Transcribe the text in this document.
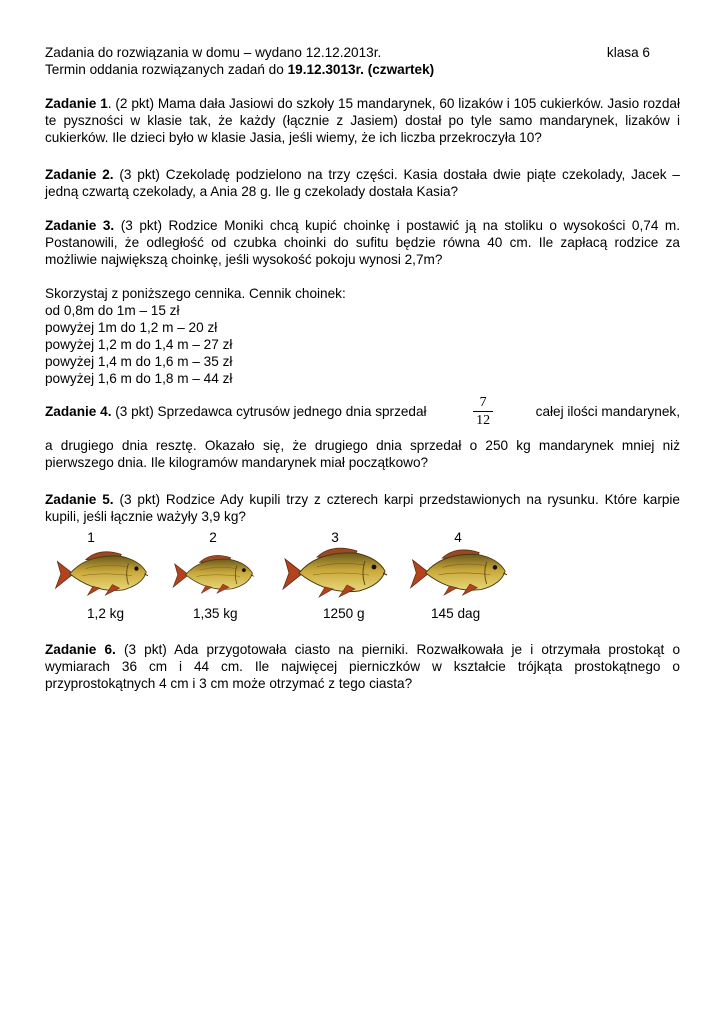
Zadania do rozwiązania w domu – wydano 12.12.2013r.	klasa 6

Termin oddania rozwiązanych zadań do 19.12.3013r. (czwartek)

Zadanie 1. (2 pkt) Mama dała Jasiowi do szkoły 15 mandarynek, 60 lizaków i 105 cukierków. Jasio rozdał te pyszności w klasie tak, że każdy (łącznie z Jasiem) dostał po tyle samo mandarynek, lizaków i cukierków. Ile dzieci było w klasie Jasia, jeśli wiemy, że ich liczba przekroczyła 10?

Zadanie 2. (3 pkt) Czekoladę podzielono na trzy części. Kasia dostała dwie piąte czekolady, Jacek – jedną czwartą czekolady, a Ania 28 g. Ile g czekolady dostała Kasia?

Zadanie 3. (3 pkt) Rodzice Moniki chcą kupić choinkę i postawić ją na stoliku o wysokości 0,74 m. Postanowili, że odległość od czubka choinki do sufitu będzie równa 40 cm. Ile zapłacą rodzice za możliwie największą choinkę, jeśli wysokość pokoju wynosi 2,7m?

Skorzystaj z poniższego cennika. Cennik choinek:
od 0,8m do 1m – 15 zł
powyżej 1m do 1,2 m – 20 zł
powyżej 1,2 m do 1,4 m – 27 zł
powyżej 1,4 m do 1,6 m – 35 zł
powyżej 1,6 m do 1,8 m – 44 zł
Zadanie 4. (3 pkt) Sprzedawca cytrusów jednego dnia sprzedał	$\frac{7}{12}$	całej ilości mandarynek,

a drugiego dnia resztę. Okazało się, że drugiego dnia sprzedał o 250 kg mandarynek mniej niż pierwszego dnia. Ile kilogramów mandarynek miał początkowo?

Zadanie 5. (3 pkt) Rodzice Ady kupili trzy z czterech karpi przedstawionych na rysunku. Które karpie kupili, jeśli łącznie ważyły 3,9 kg?

1	2	3	4
1,2 kg	1,35 kg	1250 g	145 dag

Zadanie 6. (3 pkt) Ada przygotowała ciasto na pierniki. Rozwałkowała je i otrzymała prostokąt o wymiarach 36 cm i 44 cm. Ile najwięcej pierniczków w kształcie trójkąta prostokątnego o przyprostokątnych 4 cm i 3 cm może otrzymać z tego ciasta?
